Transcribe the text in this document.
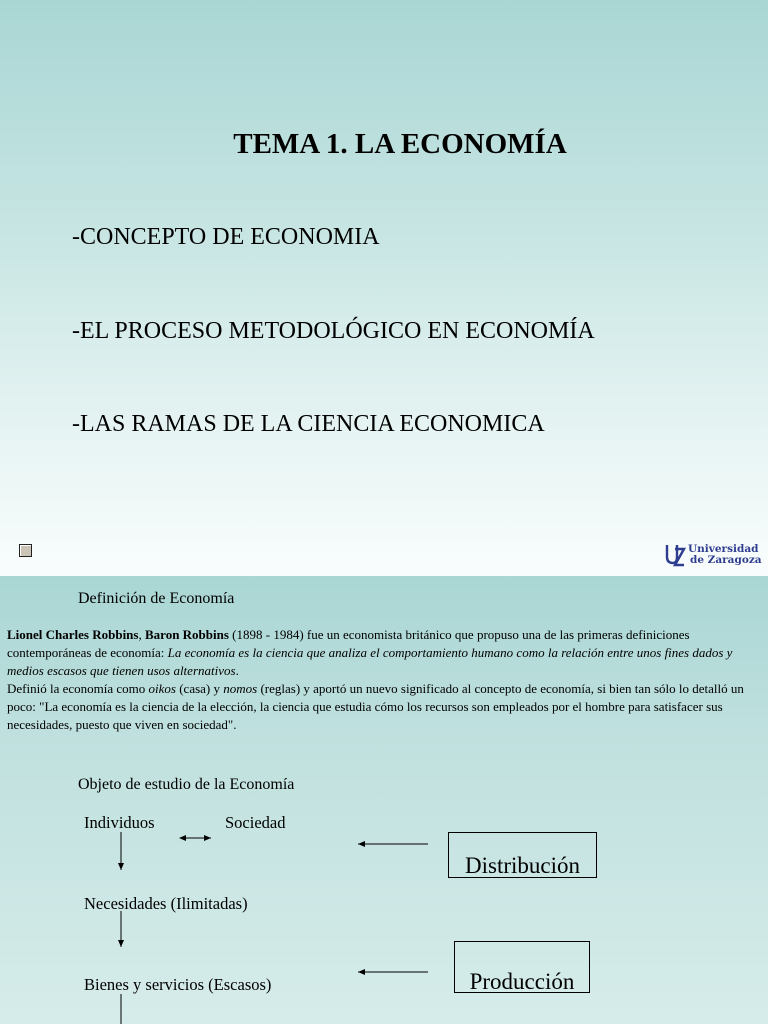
TEMA 1. LA ECONOMÍA
-CONCEPTO DE ECONOMIA
-EL PROCESO METODOLÓGICO EN ECONOMÍA
-LAS RAMAS DE LA CIENCIA ECONOMICA
Universidad
de Zaragoza
Definición de Economía

Lionel Charles Robbins, Baron Robbins (1898 - 1984) fue un economista británico que propuso una de las primeras definiciones contemporáneas de economía: La economía es la ciencia que analiza el comportamiento humano como la relación entre unos fines dados y medios escasos que tienen usos alternativos.

Definió la economía como oikos (casa) y nomos (reglas) y aportó un nuevo significado al concepto de economía, si bien tan sólo lo detalló un poco: "La economía es la ciencia de la elección, la ciencia que estudia cómo los recursos son empleados por el hombre para satisfacer sus necesidades, puesto que viven en sociedad".

Objeto de estudio de la Economía
Individuos	Sociedad
Necesidades (Ilimitadas)
Bienes y servicios (Escasos)
Distribución
Producción
